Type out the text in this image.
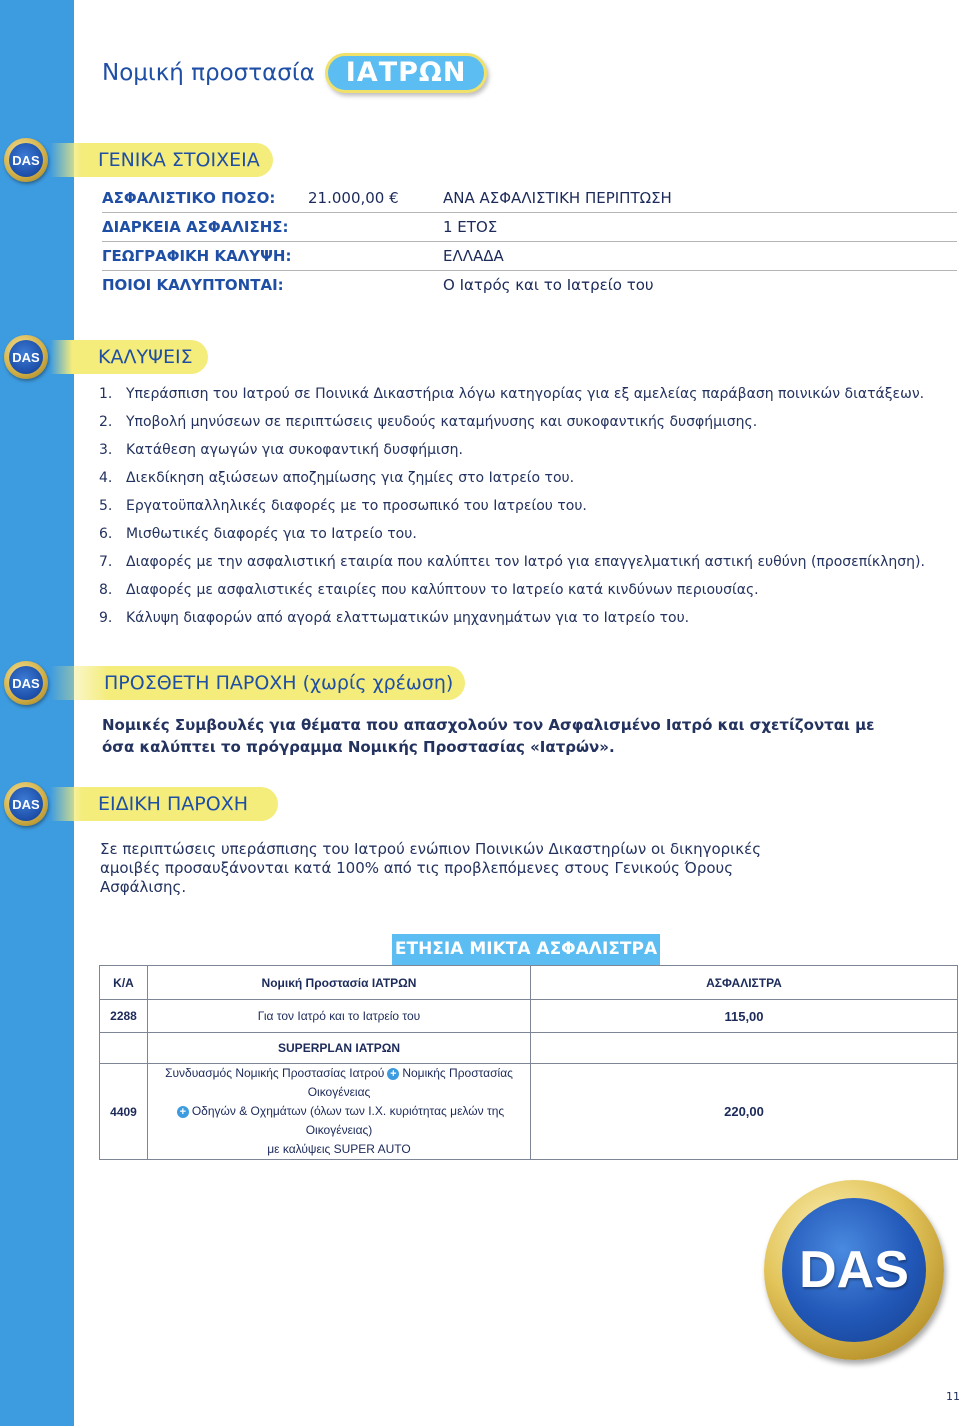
Νομική προστασία	ΙΑΤΡΩΝ
ΓΕΝΙΚΑ ΣΤΟΙΧΕΙΑ
DAS
ΑΣΦΑΛΙΣΤΙΚΟ ΠΟΣΟ:	21.000,00 €	ΑΝΑ ΑΣΦΑΛΙΣΤΙΚΗ ΠΕΡΙΠΤΩΣΗ
ΔΙΑΡΚΕΙΑ ΑΣΦΑΛΙΣΗΣ:		1 ΕΤΟΣ
ΓΕΩΓΡΑΦΙΚΗ ΚΑΛΥΨΗ:		ΕΛΛΑΔΑ
ΠΟΙΟΙ ΚΑΛΥΠΤΟΝΤΑΙ:		Ο Ιατρός και το Ιατρείο του
ΚΑΛΥΨΕΙΣ
DAS
1. Υπεράσπιση του Ιατρού σε Ποινικά Δικαστήρια λόγω κατηγορίας για εξ αμελείας παράβαση ποινικών διατάξεων.
2. Υποβολή μηνύσεων σε περιπτώσεις ψευδούς καταμήνυσης και συκοφαντικής δυσφήμισης.
3. Κατάθεση αγωγών για συκοφαντική δυσφήμιση.
4. Διεκδίκηση αξιώσεων αποζημίωσης για ζημίες στο Ιατρείο του.
5. Εργατοϋπαλληλικές διαφορές με το προσωπικό του Ιατρείου του.
6. Μισθωτικές διαφορές για το Ιατρείο του.
7. Διαφορές με την ασφαλιστική εταιρία που καλύπτει τον Ιατρό για επαγγελματική αστική ευθύνη (προσεπίκληση).
8. Διαφορές με ασφαλιστικές εταιρίες που καλύπτουν το Ιατρείο κατά κινδύνων περιουσίας.
9. Κάλυψη διαφορών από αγορά ελαττωματικών μηχανημάτων για το Ιατρείο του.
ΠΡΟΣΘΕΤΗ ΠΑΡΟΧΗ (χωρίς χρέωση)
DAS
Νομικές Συμβουλές για θέματα που απασχολούν τον Ασφαλισμένο Ιατρό και σχετίζονται με όσα καλύπτει το πρόγραμμα Νομικής Προστασίας «Ιατρών».
ΕΙΔΙΚΗ ΠΑΡΟΧΗ
DAS
Σε περιπτώσεις υπεράσπισης του Ιατρού ενώπιον Ποινικών Δικαστηρίων οι δικηγορικές αμοιβές προσαυξάνονται κατά 100% από τις προβλεπόμενες στους Γενικούς Όρους Ασφάλισης.
ΕΤΗΣΙΑ ΜΙΚΤΑ ΑΣΦΑΛΙΣΤΡΑ
Κ/Α	Νομική Προστασία ΙΑΤΡΩΝ	ΑΣΦΑΛΙΣΤΡΑ
2288	Για τον Ιατρό και το Ιατρείο του	115,00
	SUPERPLAN ΙΑΤΡΩΝ	
4409	Συνδυασμός Νομικής Προστασίας Ιατρού + Νομικής Προστασίας Οικογένειας
+ Οδηγών & Οχημάτων (όλων των Ι.Χ. κυριότητας μελών της Οικογένειας)
με καλύψεις SUPER AUTO	220,00
DAS
11
